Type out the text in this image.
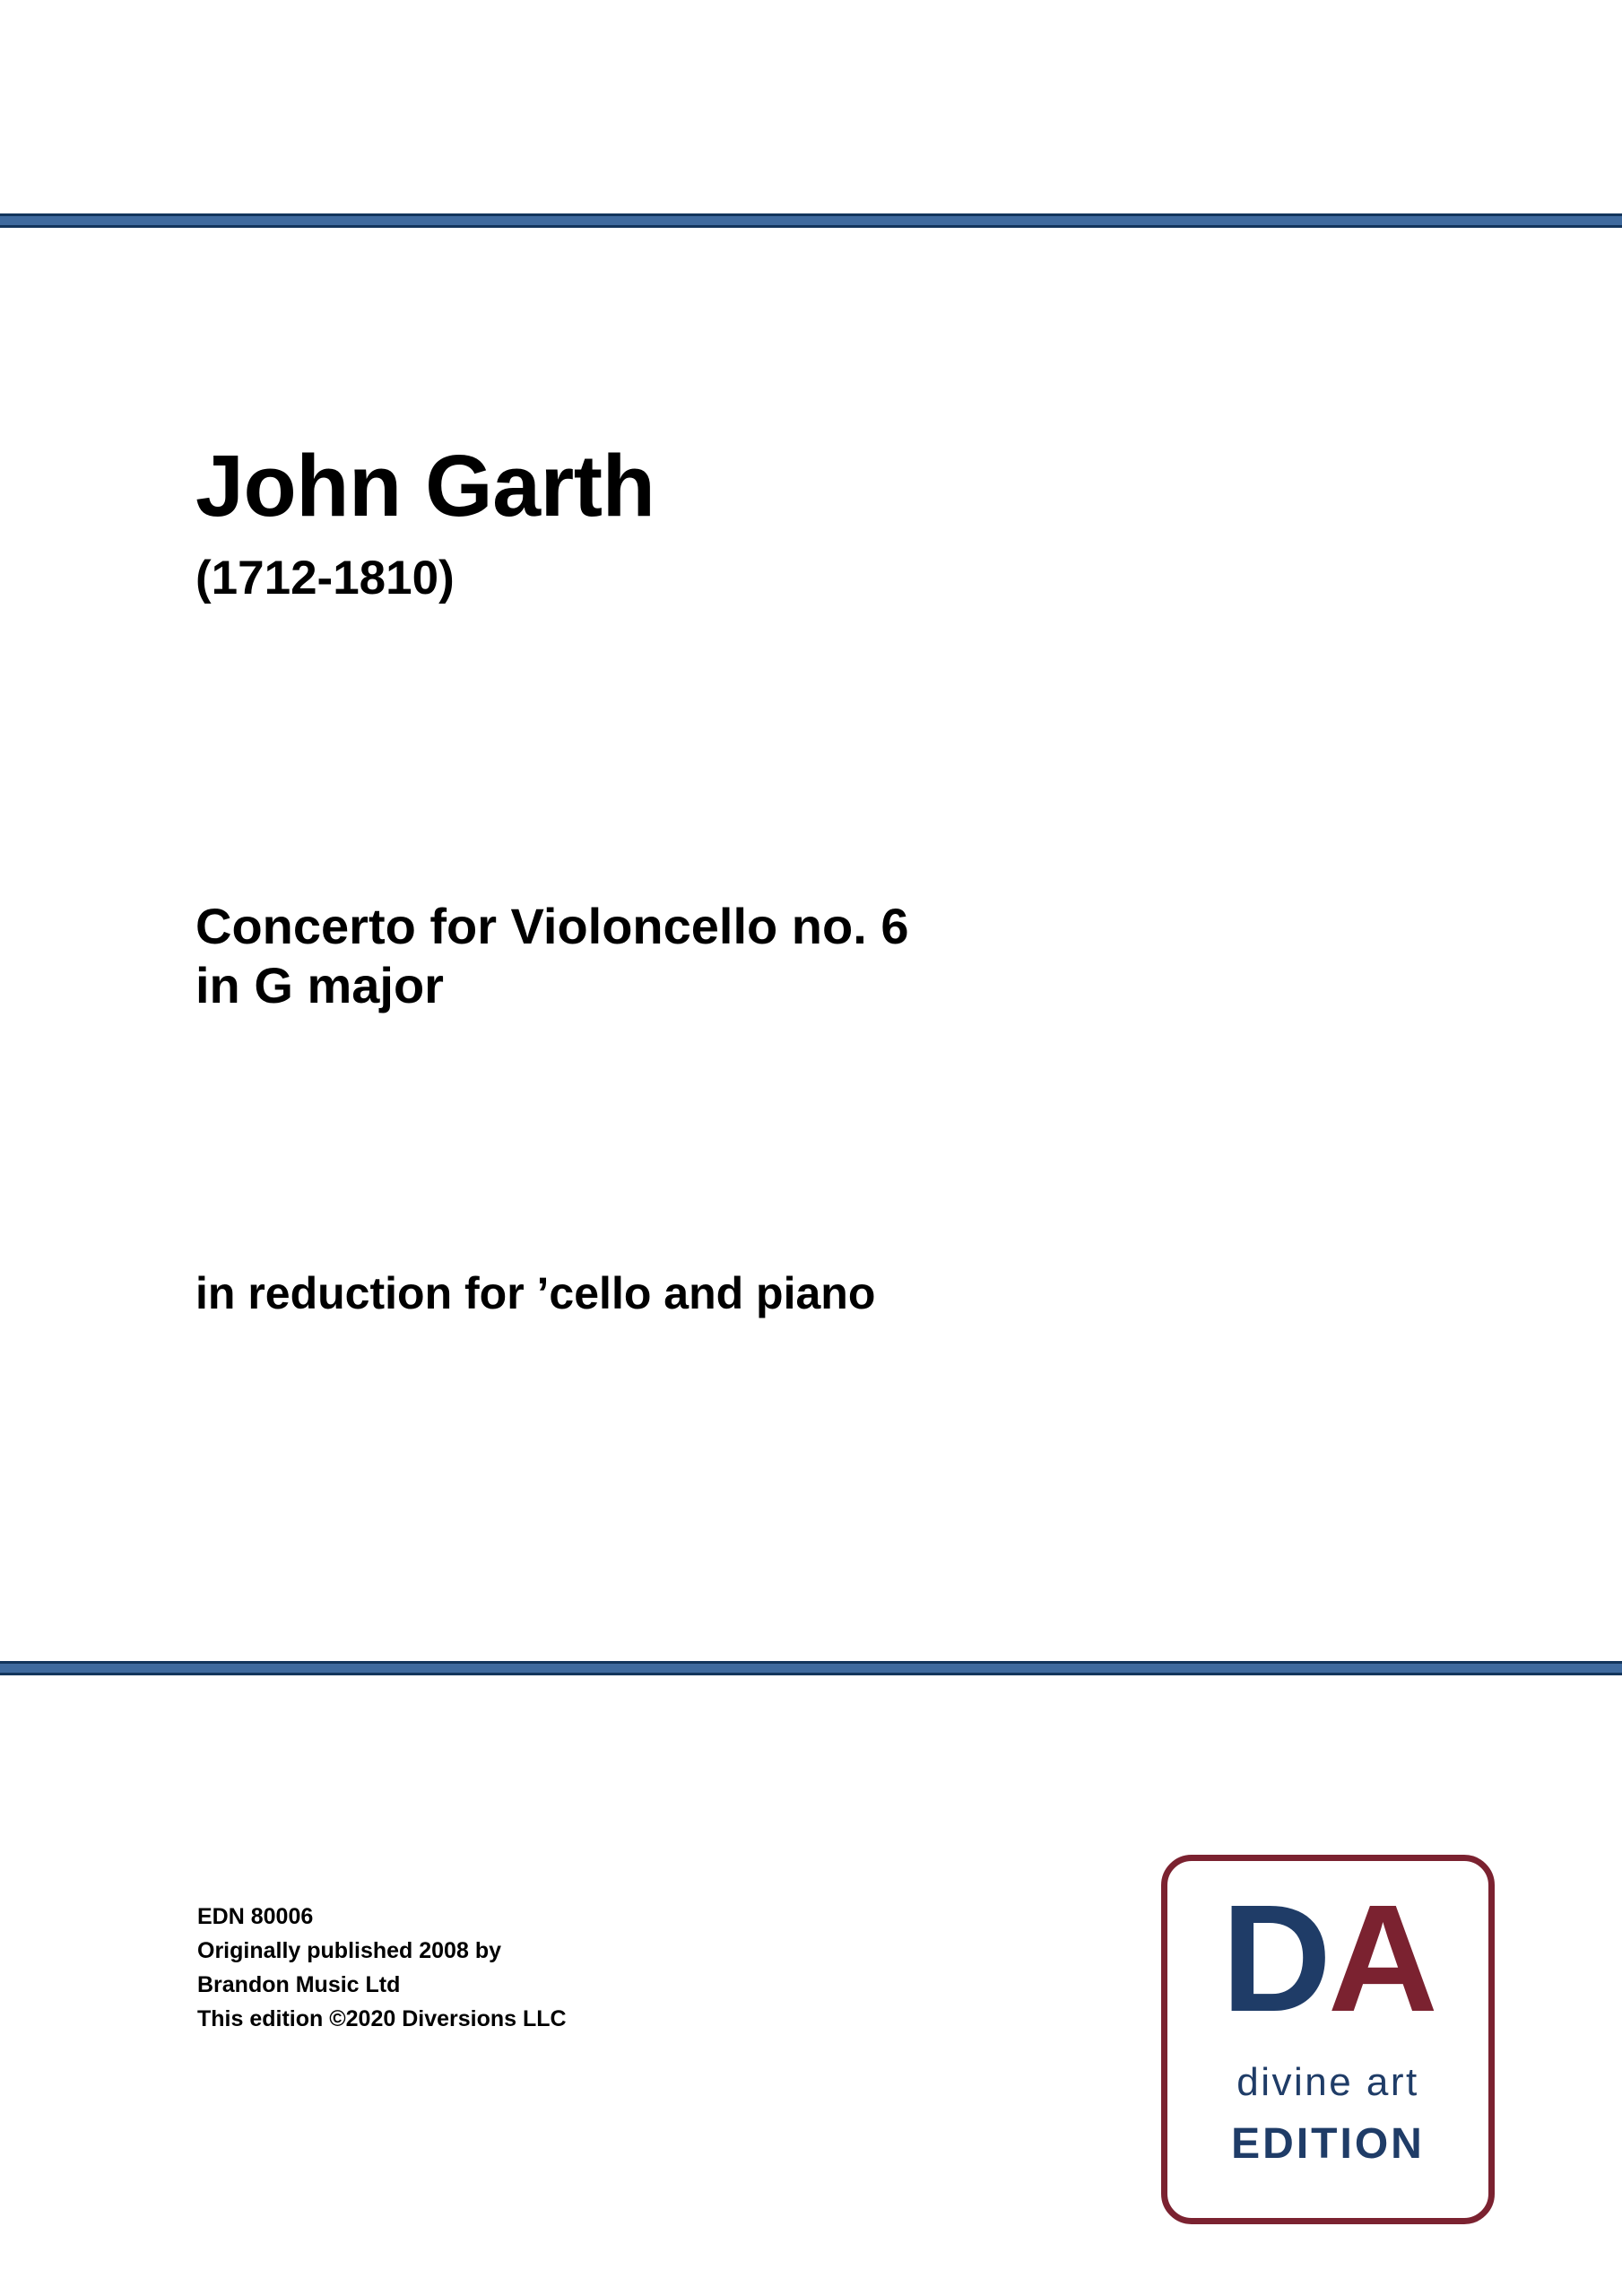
John Garth

(1712-1810)

Concerto for Violoncello no. 6

in G major

in reduction for ’cello and piano

EDN 80006
Originally published 2008 by
Brandon Music Ltd
This edition ©2020 Diversions LLC	DA
divine art
EDITION
